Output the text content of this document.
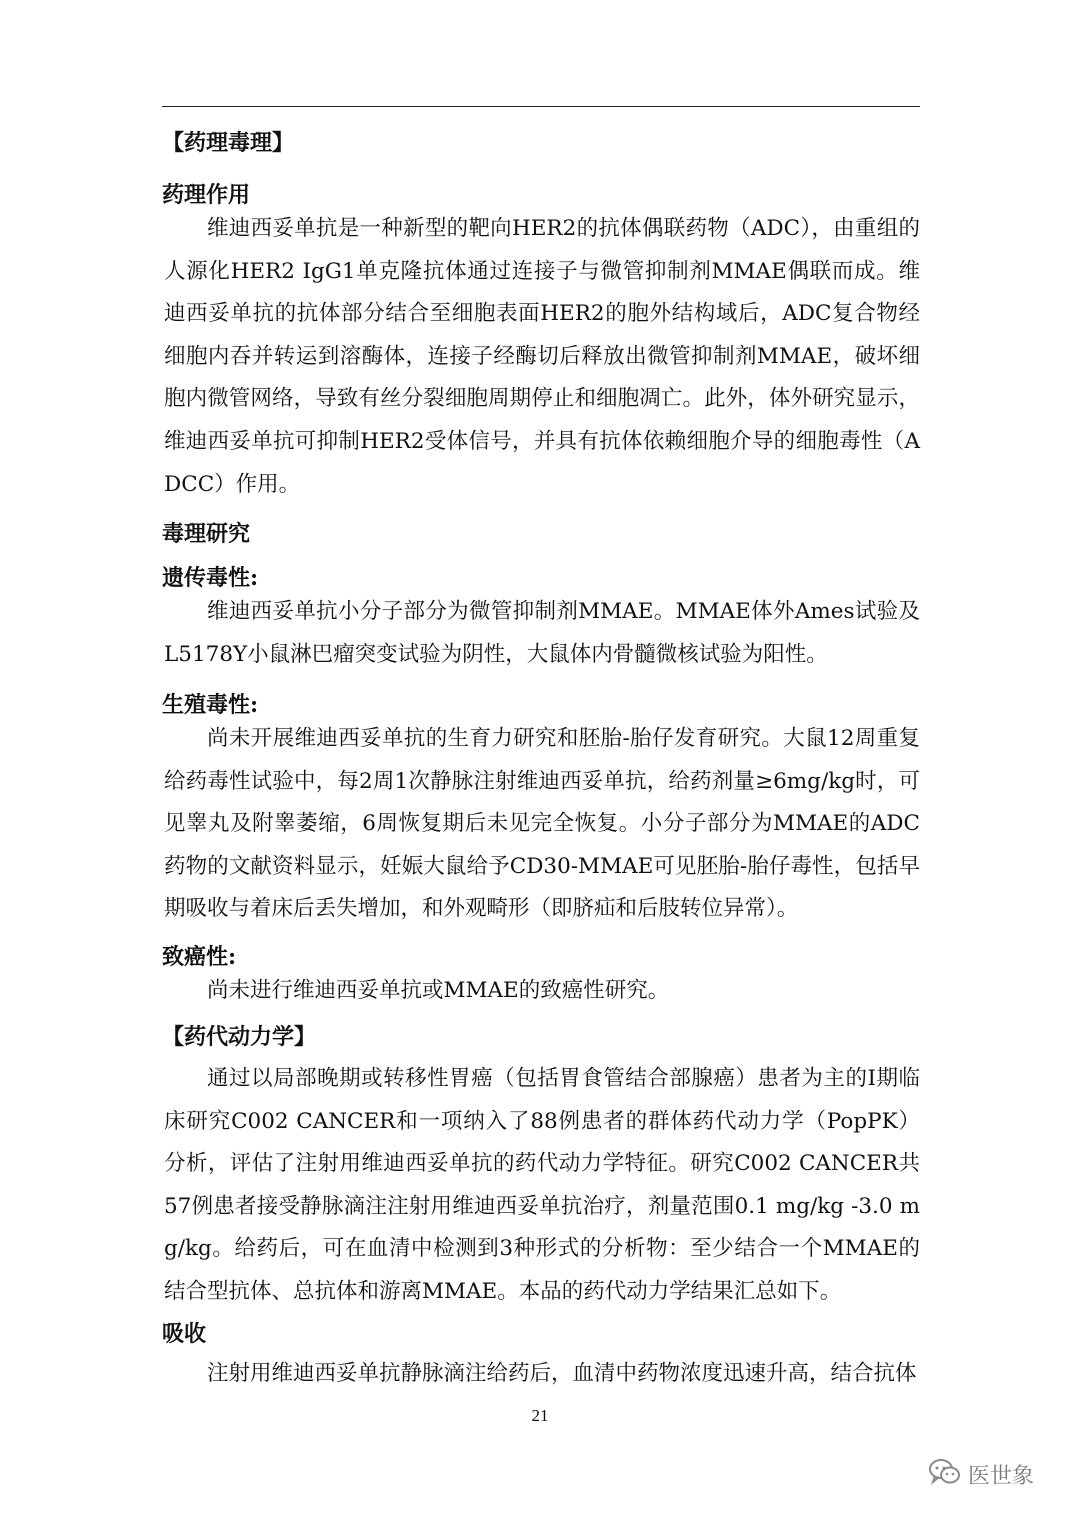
【药理毒理】
药理作用
维迪西妥单抗是一种新型的靶向HER2的抗体偶联药物（ADC），由重组的人源化HER2 IgG1单克隆抗体通过连接子与微管抑制剂MMAE偶联而成。维迪西妥单抗的抗体部分结合至细胞表面HER2的胞外结构域后，ADC复合物经细胞内吞并转运到溶酶体，连接子经酶切后释放出微管抑制剂MMAE，破坏细胞内微管网络，导致有丝分裂细胞周期停止和细胞凋亡。此外，体外研究显示，维迪西妥单抗可抑制HER2受体信号，并具有抗体依赖细胞介导的细胞毒性（ADCC）作用。
毒理研究
遗传毒性:
维迪西妥单抗小分子部分为微管抑制剂MMAE。MMAE体外Ames试验及L5178Y小鼠淋巴瘤突变试验为阴性，大鼠体内骨髓微核试验为阳性。
生殖毒性:
尚未开展维迪西妥单抗的生育力研究和胚胎-胎仔发育研究。大鼠12周重复给药毒性试验中，每2周1次静脉注射维迪西妥单抗，给药剂量≥6mg/kg时，可见睾丸及附睾萎缩，6周恢复期后未见完全恢复。小分子部分为MMAE的ADC药物的文献资料显示，妊娠大鼠给予CD30-MMAE可见胚胎-胎仔毒性，包括早期吸收与着床后丢失增加，和外观畸形（即脐疝和后肢转位异常）。
致癌性:
尚未进行维迪西妥单抗或MMAE的致癌性研究。
【药代动力学】
通过以局部晚期或转移性胃癌（包括胃食管结合部腺癌）患者为主的I期临床研究C002 CANCER和一项纳入了88例患者的群体药代动力学（PopPK）分析，评估了注射用维迪西妥单抗的药代动力学特征。研究C002 CANCER共57例患者接受静脉滴注注射用维迪西妥单抗治疗，剂量范围0.1 mg/kg -3.0 mg/kg。给药后，可在血清中检测到3种形式的分析物：至少结合一个MMAE的结合型抗体、总抗体和游离MMAE。本品的药代动力学结果汇总如下。
吸收
注射用维迪西妥单抗静脉滴注给药后，血清中药物浓度迅速升高，结合抗体
21
医世象
